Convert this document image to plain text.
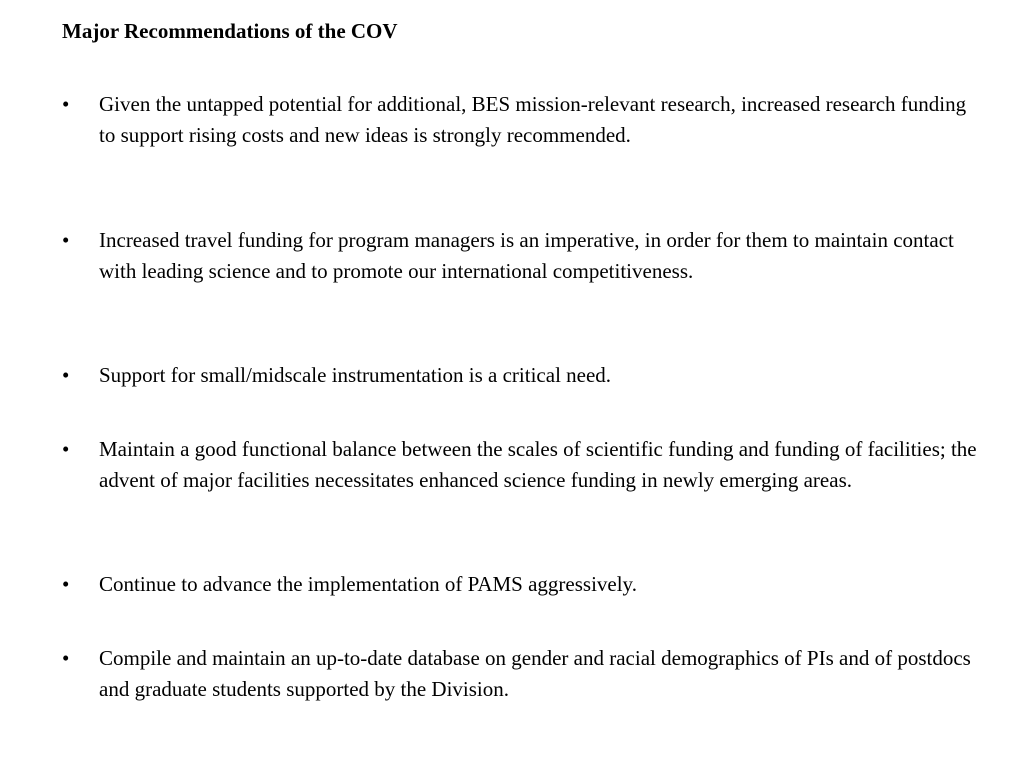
Major Recommendations of the COV
• Given the untapped potential for additional, BES mission-relevant research, increased research funding to support rising costs and new ideas is strongly recommended.
• Increased travel funding for program managers is an imperative, in order for them to maintain contact with leading science and to promote our international competitiveness.
• Support for small/midscale instrumentation is a critical need.
• Maintain a good functional balance between the scales of scientific funding and funding of facilities; the advent of major facilities necessitates enhanced science funding in newly emerging areas.
• Continue to advance the implementation of PAMS aggressively.
• Compile and maintain an up-to-date database on gender and racial demographics of PIs and of postdocs and graduate students supported by the Division.
